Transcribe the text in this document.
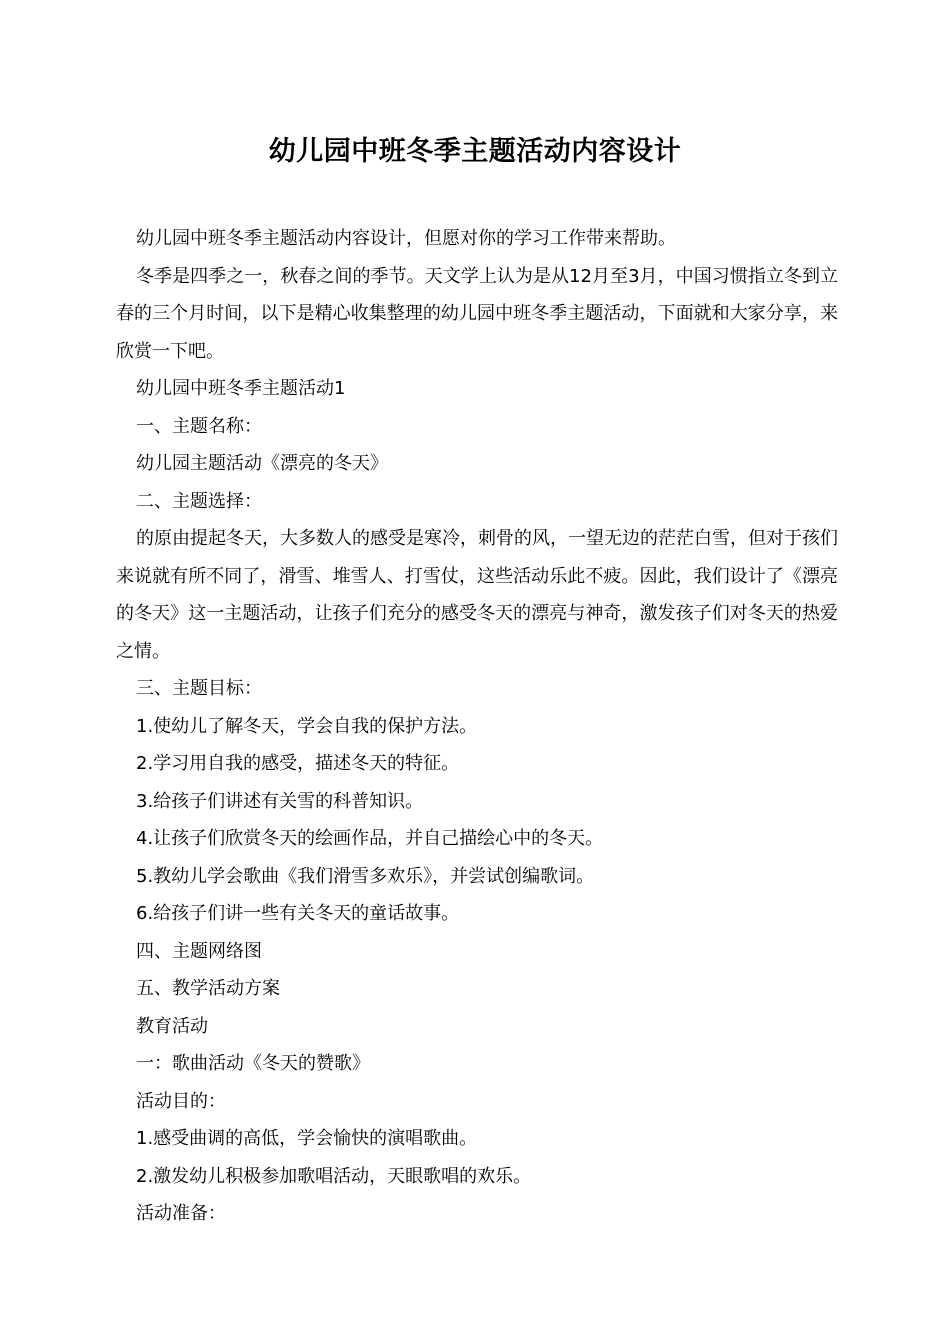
幼儿园中班冬季主题活动内容设计

幼儿园中班冬季主题活动内容设计，但愿对你的学习工作带来帮助。

冬季是四季之一，秋春之间的季节。天文学上认为是从12月至3月，中国习惯指立冬到立春的三个月时间，以下是精心收集整理的幼儿园中班冬季主题活动，下面就和大家分享，来欣赏一下吧。

幼儿园中班冬季主题活动1

一、主题名称：

幼儿园主题活动《漂亮的冬天》

二、主题选择：

的原由提起冬天，大多数人的感受是寒冷，刺骨的风，一望无边的茫茫白雪，但对于孩们来说就有所不同了，滑雪、堆雪人、打雪仗，这些活动乐此不疲。因此，我们设计了《漂亮的冬天》这一主题活动，让孩子们充分的感受冬天的漂亮与神奇，激发孩子们对冬天的热爱之情。

三、主题目标：

1.使幼儿了解冬天，学会自我的保护方法。

2.学习用自我的感受，描述冬天的特征。

3.给孩子们讲述有关雪的科普知识。

4.让孩子们欣赏冬天的绘画作品，并自己描绘心中的冬天。

5.教幼儿学会歌曲《我们滑雪多欢乐》，并尝试创编歌词。

6.给孩子们讲一些有关冬天的童话故事。

四、主题网络图

五、教学活动方案

教育活动

一：歌曲活动《冬天的赞歌》

活动目的：

1.感受曲调的高低，学会愉快的演唱歌曲。

2.激发幼儿积极参加歌唱活动，天眼歌唱的欢乐。

活动准备：
